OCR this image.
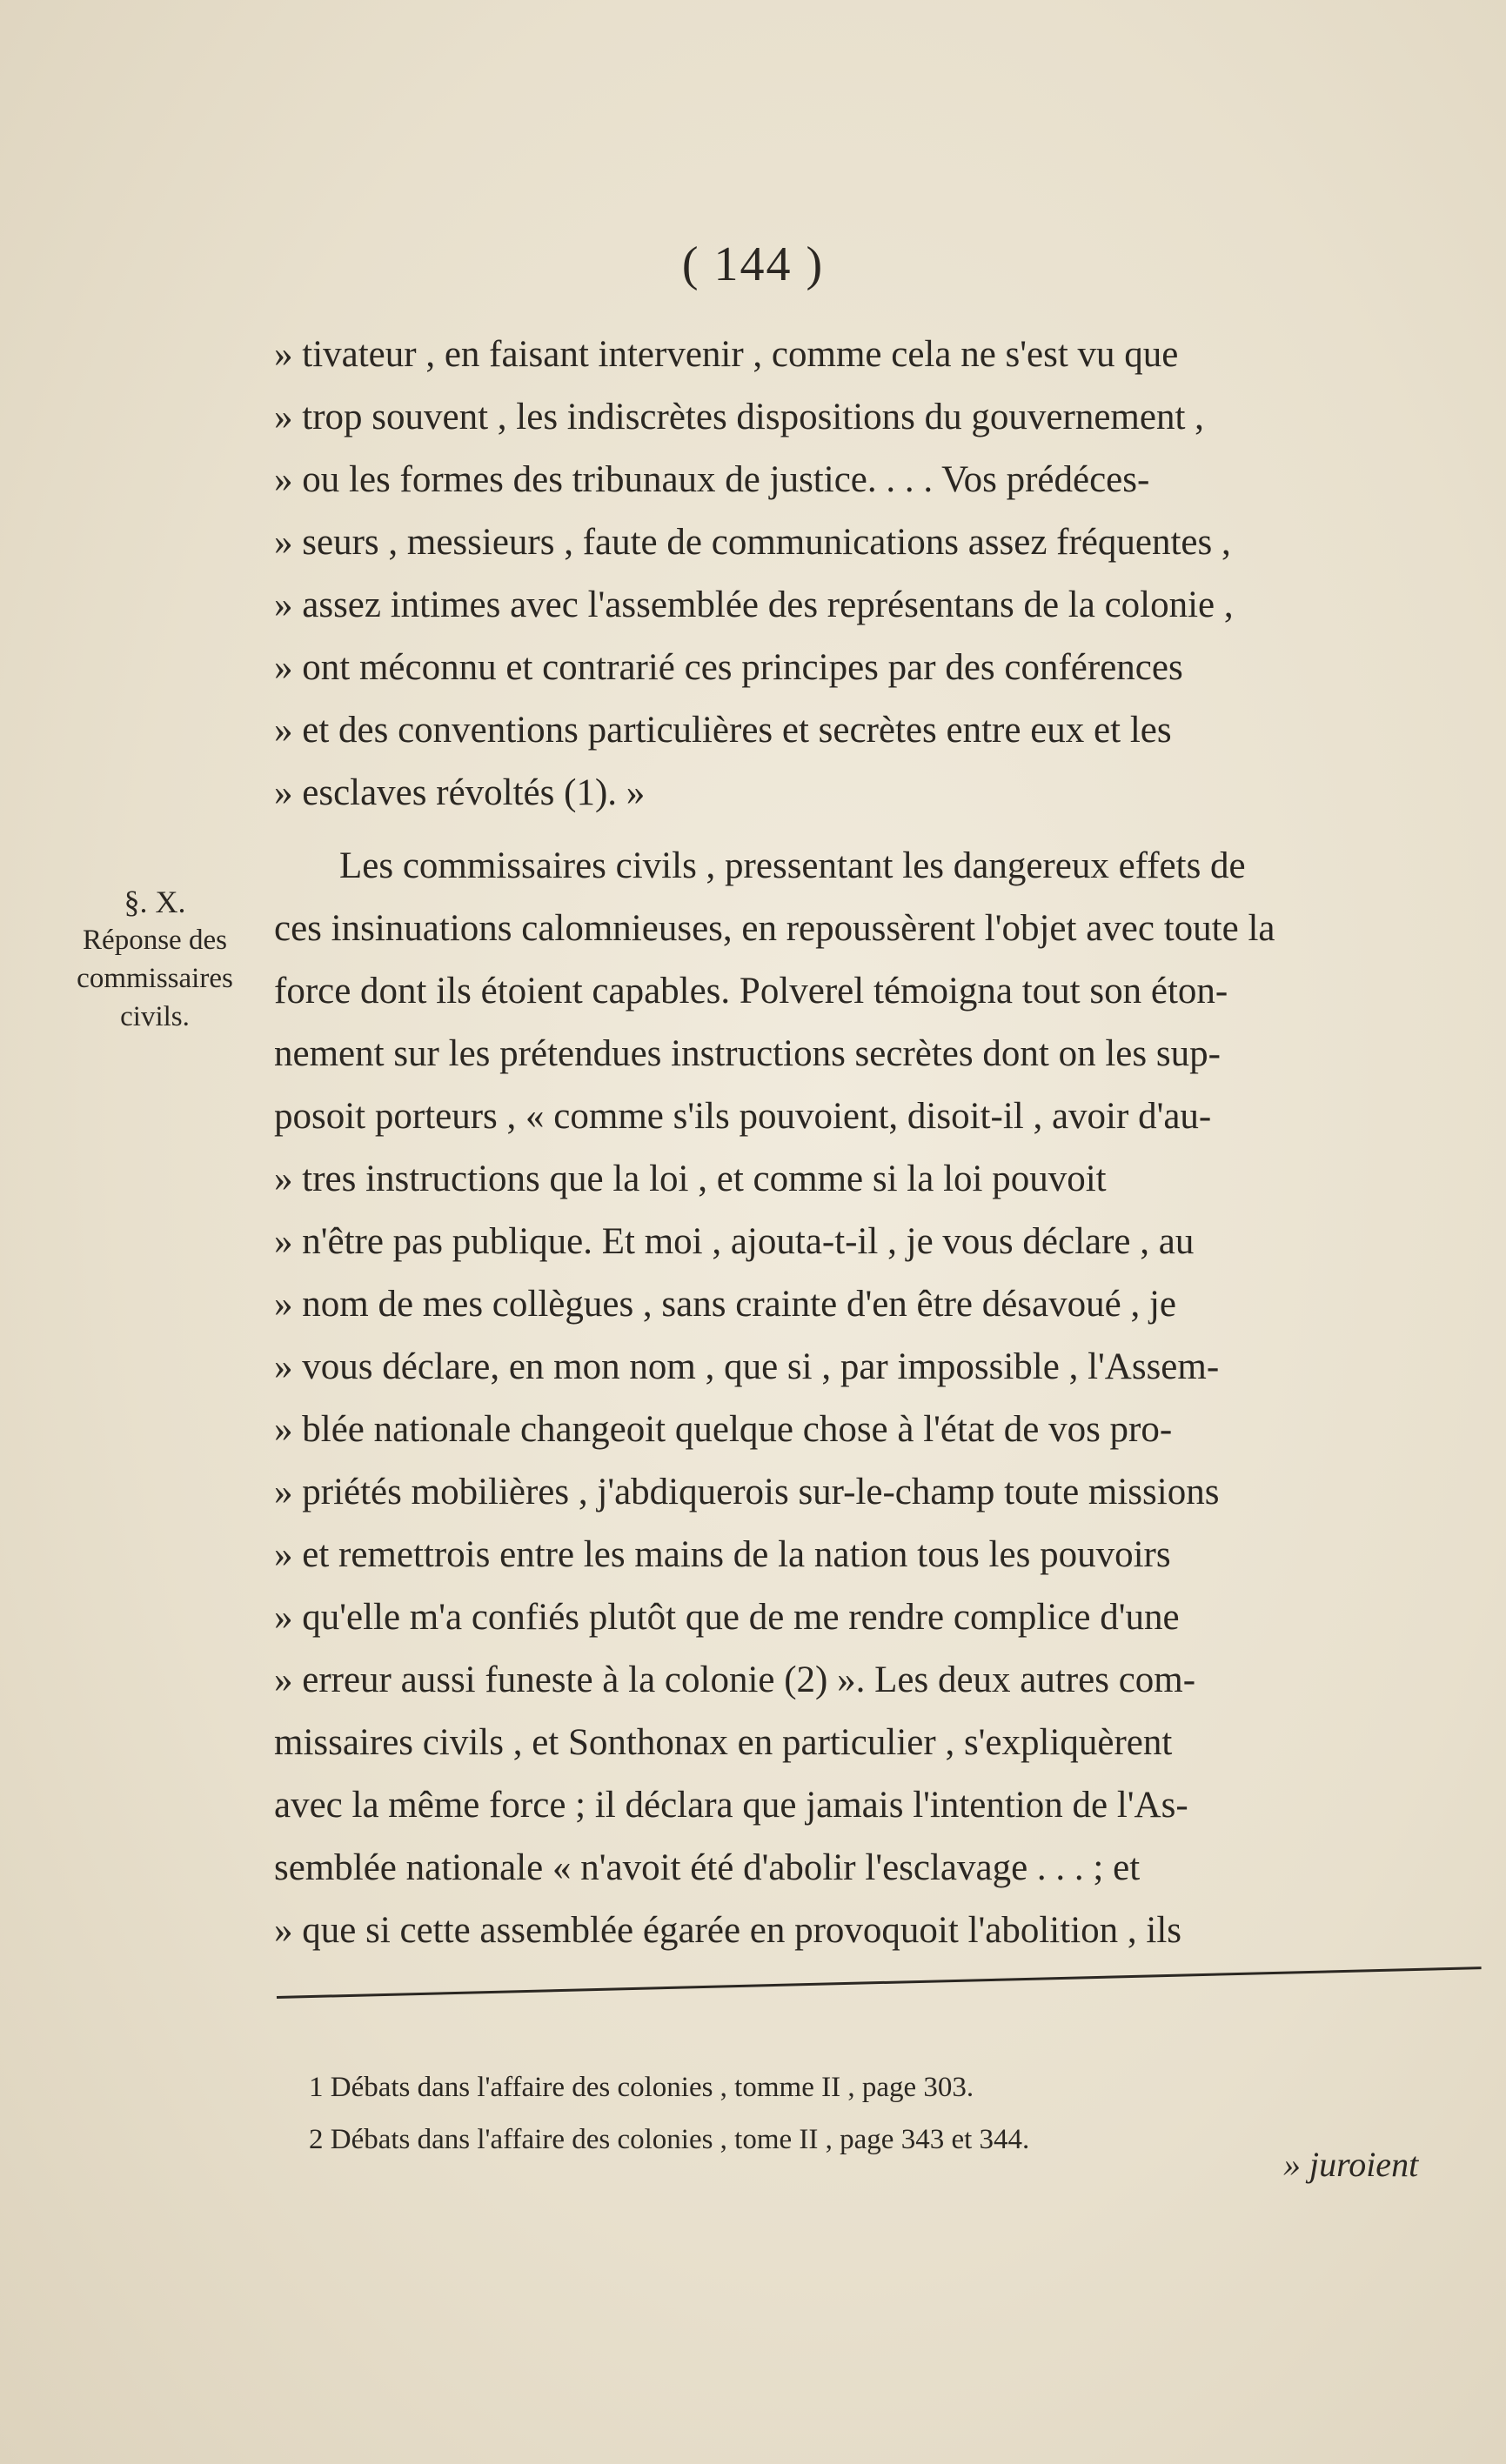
( 144 )
» tivateur , en faisant intervenir , comme cela ne s'est vu que
» trop souvent , les indiscrètes dispositions du gouvernement ,
» ou les formes des tribunaux de justice. . . . Vos prédéces-
» seurs , messieurs , faute de communications assez fréquentes ,
» assez intimes avec l'assemblée des représentans de la colonie ,
» ont méconnu et contrarié ces principes par des conférences
» et des conventions particulières et secrètes entre eux et les
» esclaves révoltés (1). »
§. X.
Réponse des
commissaires
civils.
Les commissaires civils , pressentant les dangereux effets de
ces insinuations calomnieuses, en repoussèrent l'objet avec toute la
force dont ils étoient capables. Polverel témoigna tout son éton-
nement sur les prétendues instructions secrètes dont on les sup-
posoit porteurs , « comme s'ils pouvoient, disoit-il , avoir d'au-
» tres instructions que la loi , et comme si la loi pouvoit
» n'être pas publique. Et moi , ajouta-t-il , je vous déclare , au
» nom de mes collègues , sans crainte d'en être désavoué , je
» vous déclare, en mon nom , que si , par impossible , l'Assem-
» blée nationale changeoit quelque chose à l'état de vos pro-
» priétés mobilières , j'abdiquerois sur-le-champ toute missions
» et remettrois entre les mains de la nation tous les pouvoirs
» qu'elle m'a confiés plutôt que de me rendre complice d'une
» erreur aussi funeste à la colonie (2) ». Les deux autres com-
missaires civils , et Sonthonax en particulier , s'expliquèrent
avec la même force ; il déclara que jamais l'intention de l'As-
semblée nationale « n'avoit été d'abolir l'esclavage . . . ; et
» que si cette assemblée égarée en provoquoit l'abolition , ils
1 Débats dans l'affaire des colonies , tomme II , page 303.
2 Débats dans l'affaire des colonies , tome II , page 343 et 344.
» juroient
